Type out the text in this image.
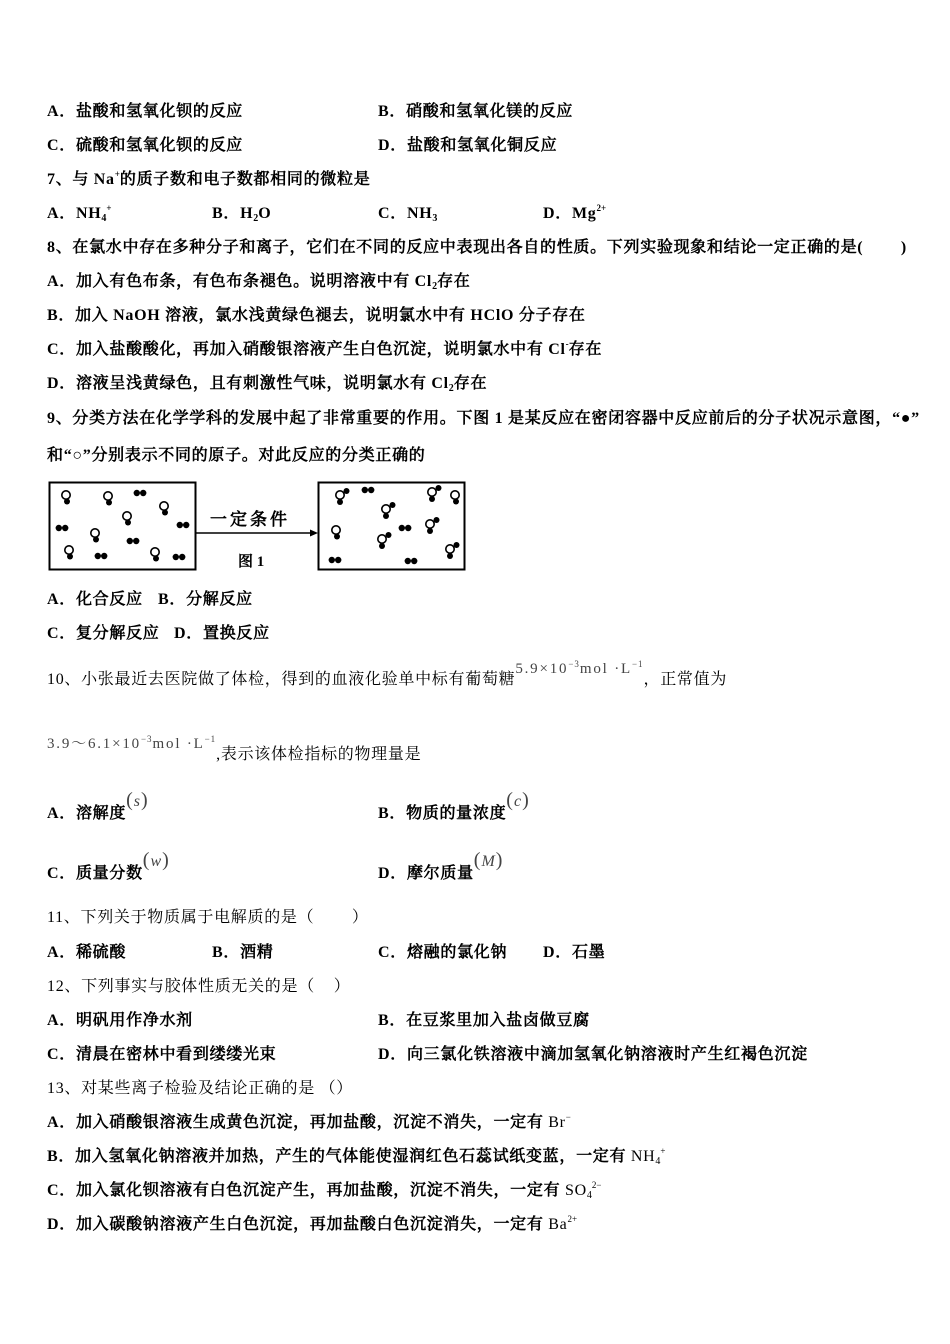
A．盐酸和氢氧化钡的反应	B．硝酸和氢氧化镁的反应
C．硫酸和氢氧化钡的反应	D．盐酸和氢氧化铜反应
7、与 Na+的质子数和电子数都相同的微粒是
A．$NH_4^+$	B．$H_2O$	C．$NH_3$	D．$Mg^{2+}$
8、在氯水中存在多种分子和离子，它们在不同的反应中表现出各自的性质。下列实验现象和结论一定正确的是(        )
A．加入有色布条，有色布条褪色。说明溶液中有 $Cl_2$存在
B．加入 NaOH 溶液，氯水浅黄绿色褪去，说明氯水中有 HClO 分子存在
C．加入盐酸酸化，再加入硝酸银溶液产生白色沉淀，说明氯水中有 Cl-存在
D．溶液呈浅黄绿色，且有刺激性气味，说明氯水有 $Cl_2$存在
9、分类方法在化学学科的发展中起了非常重要的作用。下图 1 是某反应在密闭容器中反应前后的分子状况示意图，“●”
和“○”分别表示不同的原子。对此反应的分类正确的
一定条件
图 1
A．化合反应 B．分解反应
C．复分解反应 D．置换反应
10、小张最近去医院做了体检，得到的血液化验单中标有葡萄糖$5.9\times 10^{-3}mol \cdot L^{-1}$，正常值为
$3.9\sim 6.1\times 10^{-3}mol \cdot L^{-1}$,表示该体检指标的物理量是
A．溶解度(s)
B．物质的量浓度(c)
C．质量分数(w)
D．摩尔质量(M)
11、下列关于物质属于电解质的是（        ）
A．稀硫酸	B．酒精	C．熔融的氯化钠 D．石墨
12、下列事实与胶体性质无关的是（    ）
A．明矾用作净水剂	B．在豆浆里加入盐卤做豆腐
C．清晨在密林中看到缕缕光束	D．向三氯化铁溶液中滴加氢氧化钠溶液时产生红褐色沉淀
13、对某些离子检验及结论正确的是 （）
A．加入硝酸银溶液生成黄色沉淀，再加盐酸，沉淀不消失，一定有 Br−
B．加入氢氧化钠溶液并加热，产生的气体能使湿润红色石蕊试纸变蓝，一定有 $NH_4^+$
C．加入氯化钡溶液有白色沉淀产生，再加盐酸，沉淀不消失，一定有 $SO_4^{2-}$
D．加入碳酸钠溶液产生白色沉淀，再加盐酸白色沉淀消失，一定有 $Ba^{2+}$
